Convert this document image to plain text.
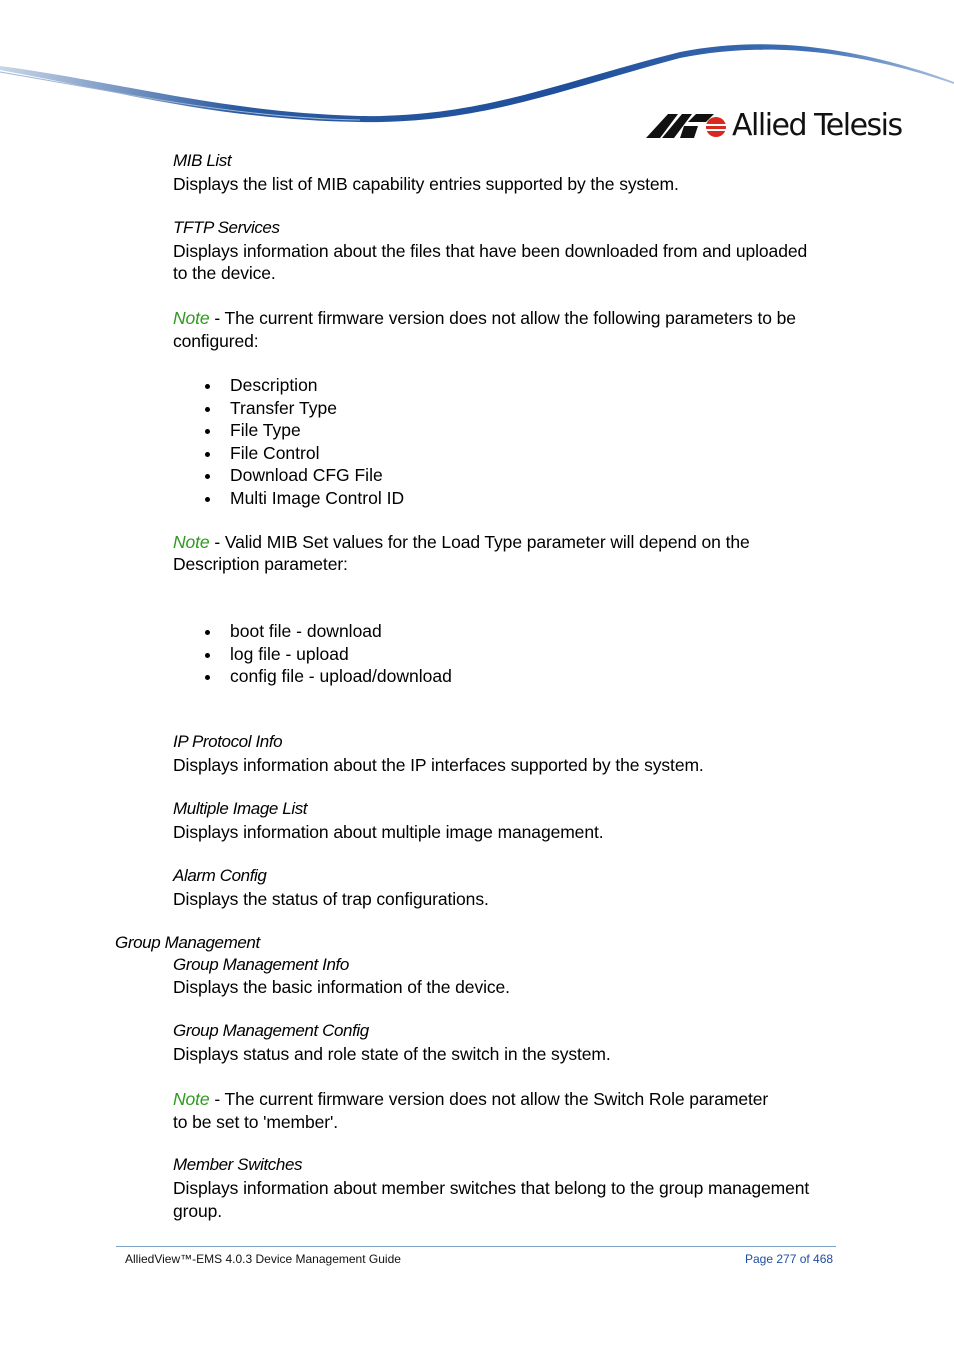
Allied Telesis
MIB List
Displays the list of MIB capability entries supported by the system.
TFTP Services
Displays information about the files that have been downloaded from and uploaded
to the device.
Note - The current firmware version does not allow the following parameters to be
configured:
Description
Transfer Type
File Type
File Control
Download CFG File
Multi Image Control ID
Note - Valid MIB Set values for the Load Type parameter will depend on the
Description parameter:
boot file - download
log file - upload
config file - upload/download
IP Protocol Info
Displays information about the IP interfaces supported by the system.
Multiple Image List
Displays information about multiple image management.
Alarm Config
Displays the status of trap configurations.
Group Management
Group Management Info
Displays the basic information of the device.
Group Management Config
Displays status and role state of the switch in the system.
Note - The current firmware version does not allow the Switch Role parameter
to be set to 'member'.
Member Switches
Displays information about member switches that belong to the group management
group.
AlliedView™-EMS 4.0.3 Device Management Guide	Page 277 of 468
